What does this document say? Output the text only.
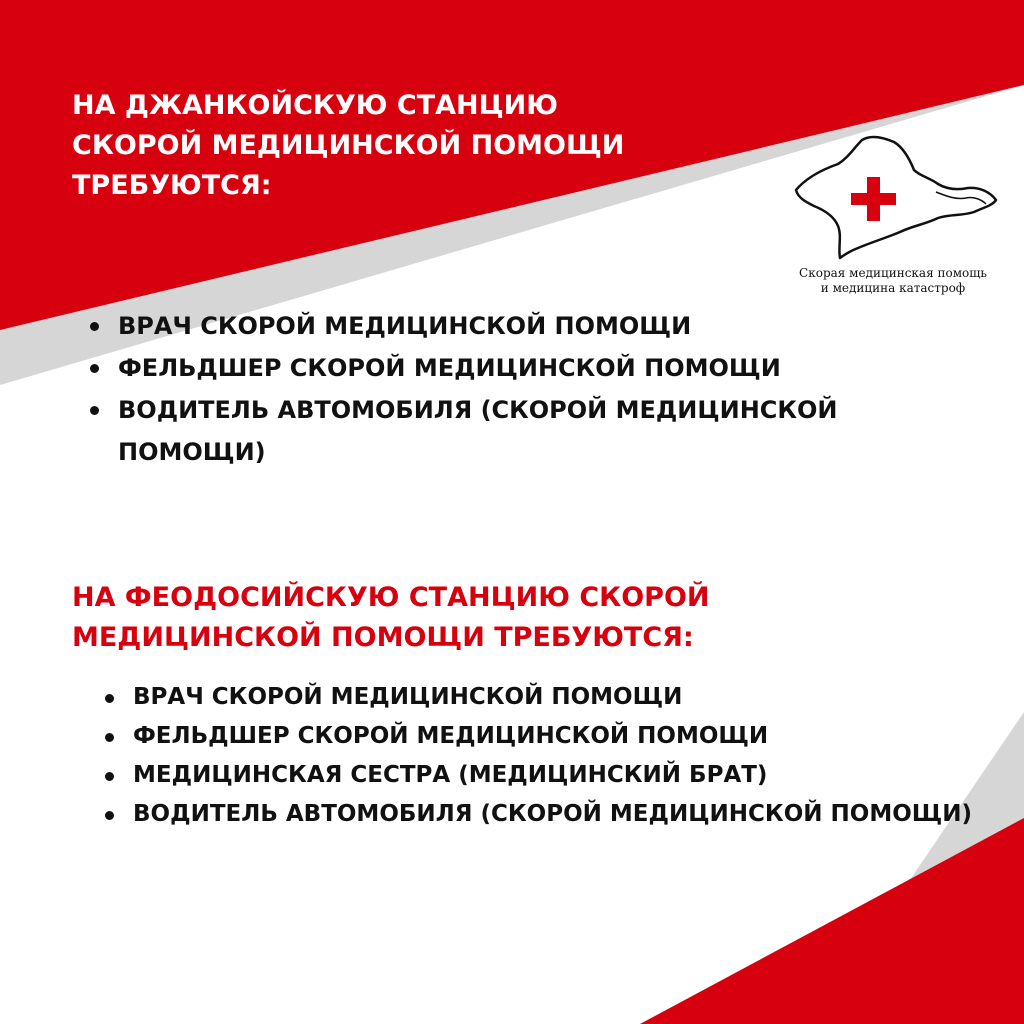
НА ДЖАНКОЙСКУЮ СТАНЦИЮ СКОРОЙ МЕДИЦИНСКОЙ ПОМОЩИ ТРЕБУЮТСЯ:
Скорая медицинская помощь
и медицина катастроф
ВРАЧ СКОРОЙ МЕДИЦИНСКОЙ ПОМОЩИ
ФЕЛЬДШЕР СКОРОЙ МЕДИЦИНСКОЙ ПОМОЩИ
ВОДИТЕЛЬ АВТОМОБИЛЯ (СКОРОЙ МЕДИЦИНСКОЙ ПОМОЩИ)
НА ФЕОДОСИЙСКУЮ СТАНЦИЮ СКОРОЙ МЕДИЦИНСКОЙ ПОМОЩИ ТРЕБУЮТСЯ:
ВРАЧ СКОРОЙ МЕДИЦИНСКОЙ ПОМОЩИ
ФЕЛЬДШЕР СКОРОЙ МЕДИЦИНСКОЙ ПОМОЩИ
МЕДИЦИНСКАЯ СЕСТРА (МЕДИЦИНСКИЙ БРАТ)
ВОДИТЕЛЬ АВТОМОБИЛЯ (СКОРОЙ МЕДИЦИНСКОЙ ПОМОЩИ)
